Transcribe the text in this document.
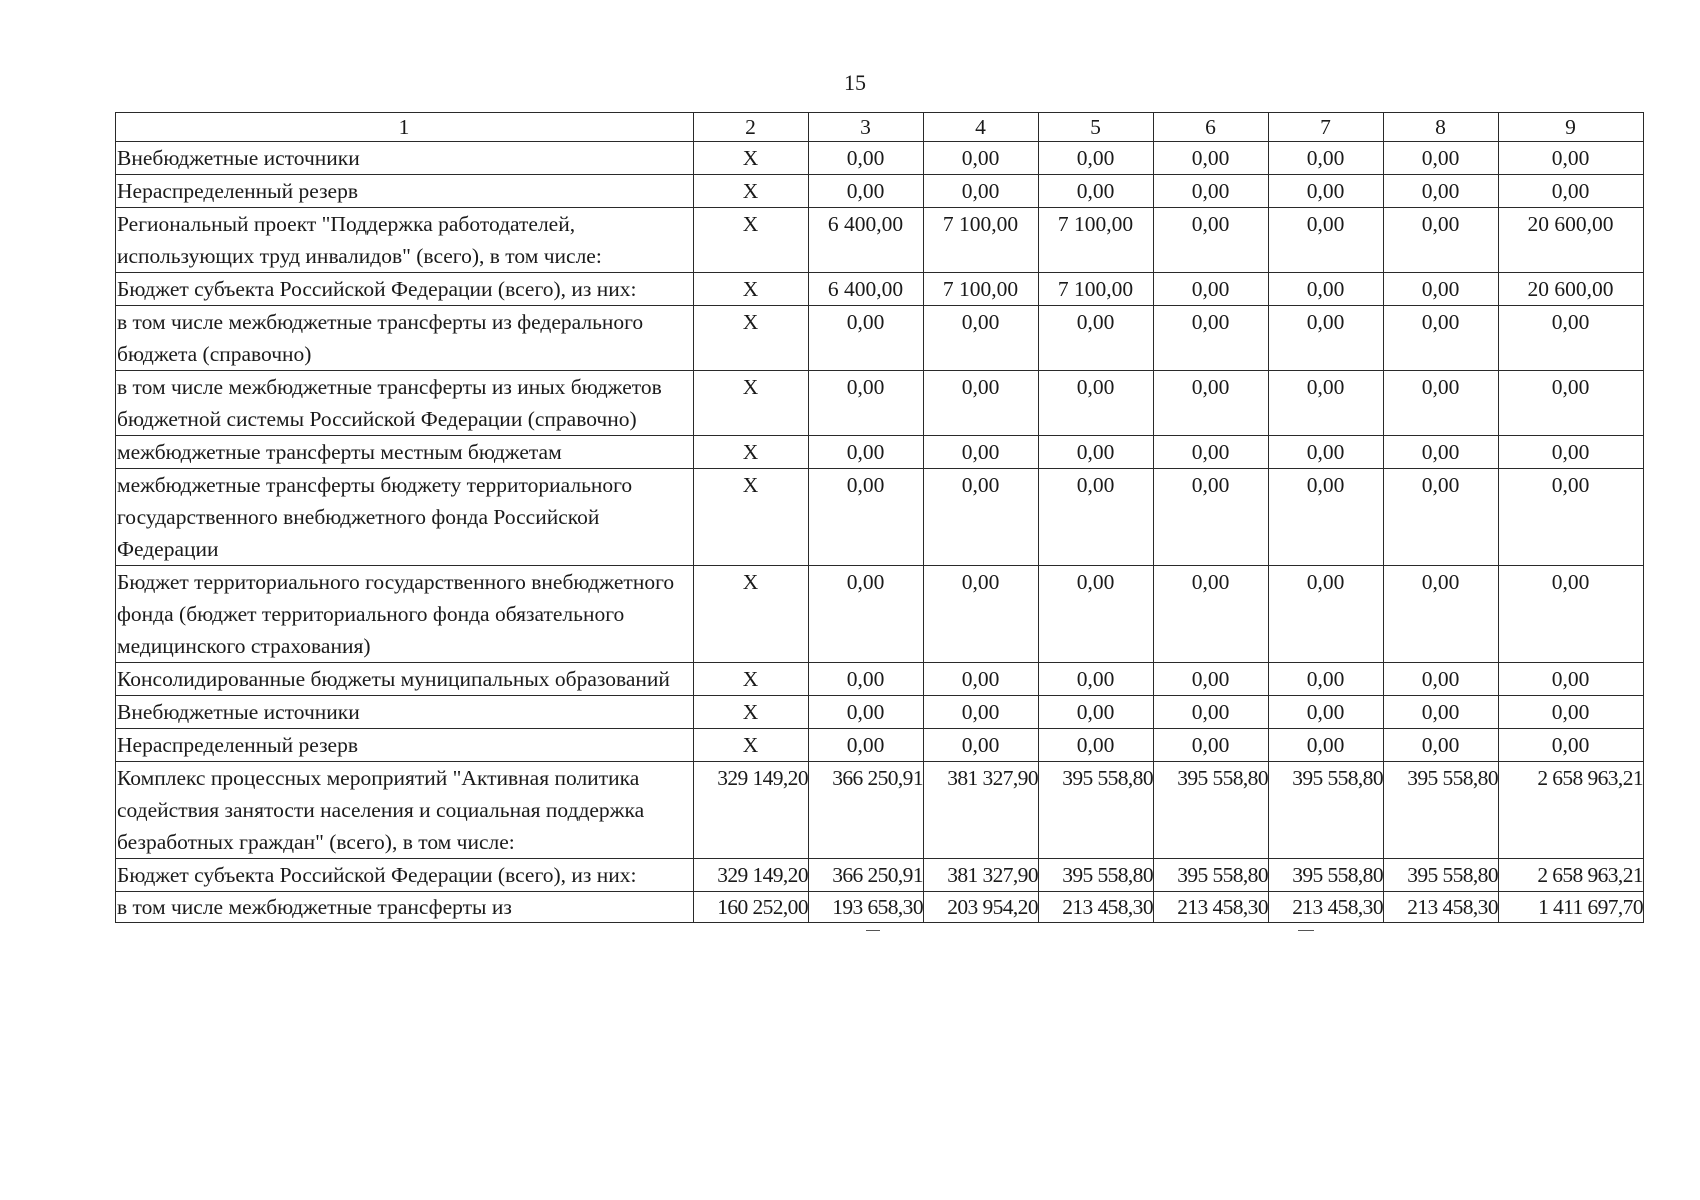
15
1	2	3	4	5	6	7	8	9
Внебюджетные источники	Х	0,00	0,00	0,00	0,00	0,00	0,00	0,00
Нераспределенный резерв	Х	0,00	0,00	0,00	0,00	0,00	0,00	0,00
Региональный проект "Поддержка работодателей, использующих труд инвалидов" (всего), в том числе:	Х	6 400,00	7 100,00	7 100,00	0,00	0,00	0,00	20 600,00
Бюджет субъекта Российской Федерации (всего), из них:	Х	6 400,00	7 100,00	7 100,00	0,00	0,00	0,00	20 600,00
в том числе межбюджетные трансферты из федерального бюджета (справочно)	Х	0,00	0,00	0,00	0,00	0,00	0,00	0,00
в том числе межбюджетные трансферты из иных бюджетов бюджетной системы Российской Федерации (справочно)	Х	0,00	0,00	0,00	0,00	0,00	0,00	0,00
межбюджетные трансферты местным бюджетам	Х	0,00	0,00	0,00	0,00	0,00	0,00	0,00
межбюджетные трансферты бюджету территориального государственного внебюджетного фонда Российской Федерации	Х	0,00	0,00	0,00	0,00	0,00	0,00	0,00
Бюджет территориального государственного внебюджетного фонда (бюджет территориального фонда обязательного медицинского страхования)	Х	0,00	0,00	0,00	0,00	0,00	0,00	0,00
Консолидированные бюджеты муниципальных образований	Х	0,00	0,00	0,00	0,00	0,00	0,00	0,00
Внебюджетные источники	Х	0,00	0,00	0,00	0,00	0,00	0,00	0,00
Нераспределенный резерв	Х	0,00	0,00	0,00	0,00	0,00	0,00	0,00
Комплекс процессных мероприятий "Активная политика содействия занятости населения и социальная поддержка безработных граждан" (всего), в том числе:	329 149,20	366 250,91	381 327,90	395 558,80	395 558,80	395 558,80	395 558,80	2 658 963,21
Бюджет субъекта Российской Федерации (всего), из них:	329 149,20	366 250,91	381 327,90	395 558,80	395 558,80	395 558,80	395 558,80	2 658 963,21
в том числе межбюджетные трансферты из	160 252,00	193 658,30	203 954,20	213 458,30	213 458,30	213 458,30	213 458,30	1 411 697,70
